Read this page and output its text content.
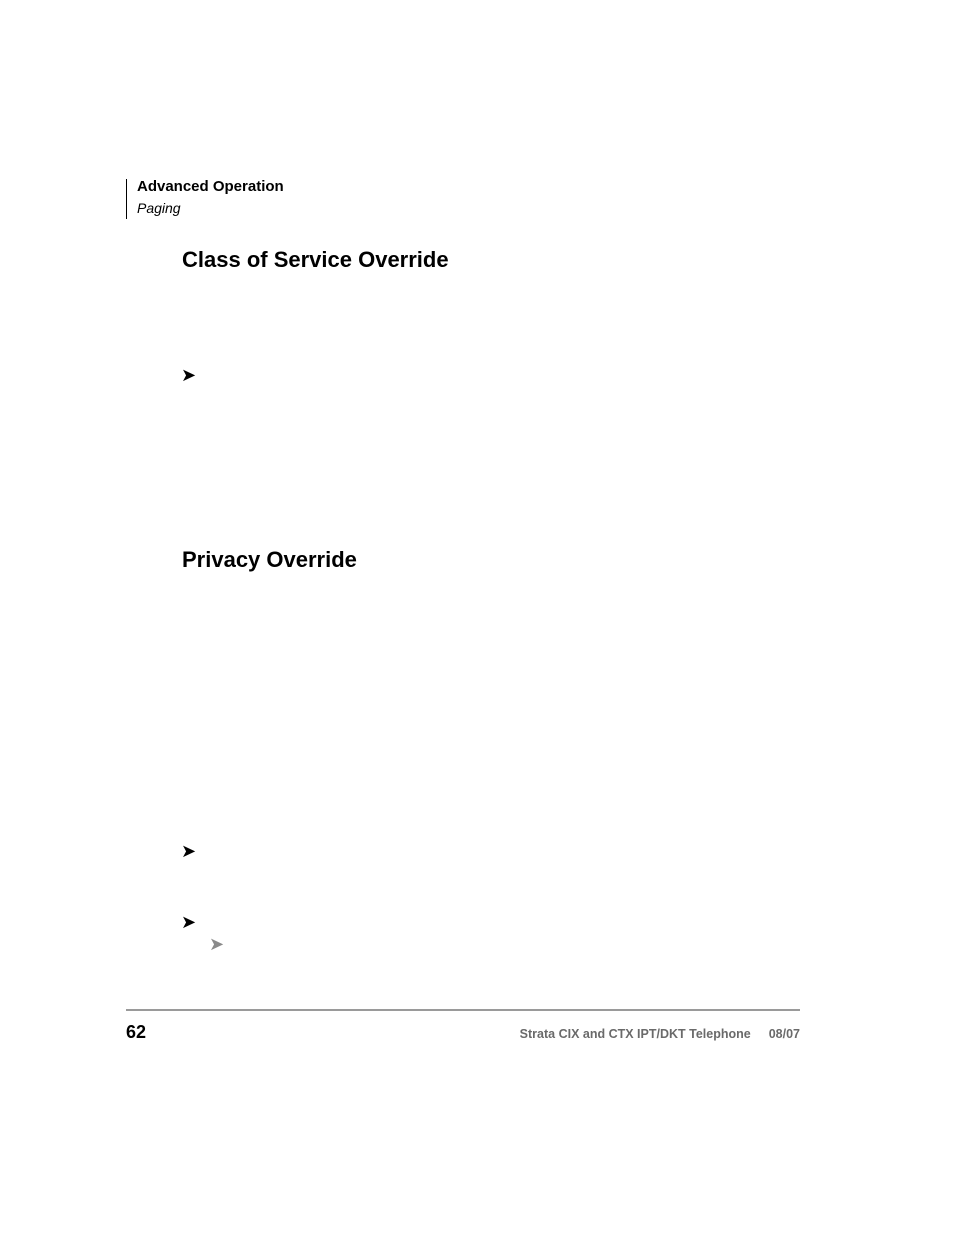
Advanced Operation
Paging
Class of Service Override
➤
Privacy Override
➤
➤
➤
62	Strata CIX and CTX IPT/DKT Telephone 08/07
